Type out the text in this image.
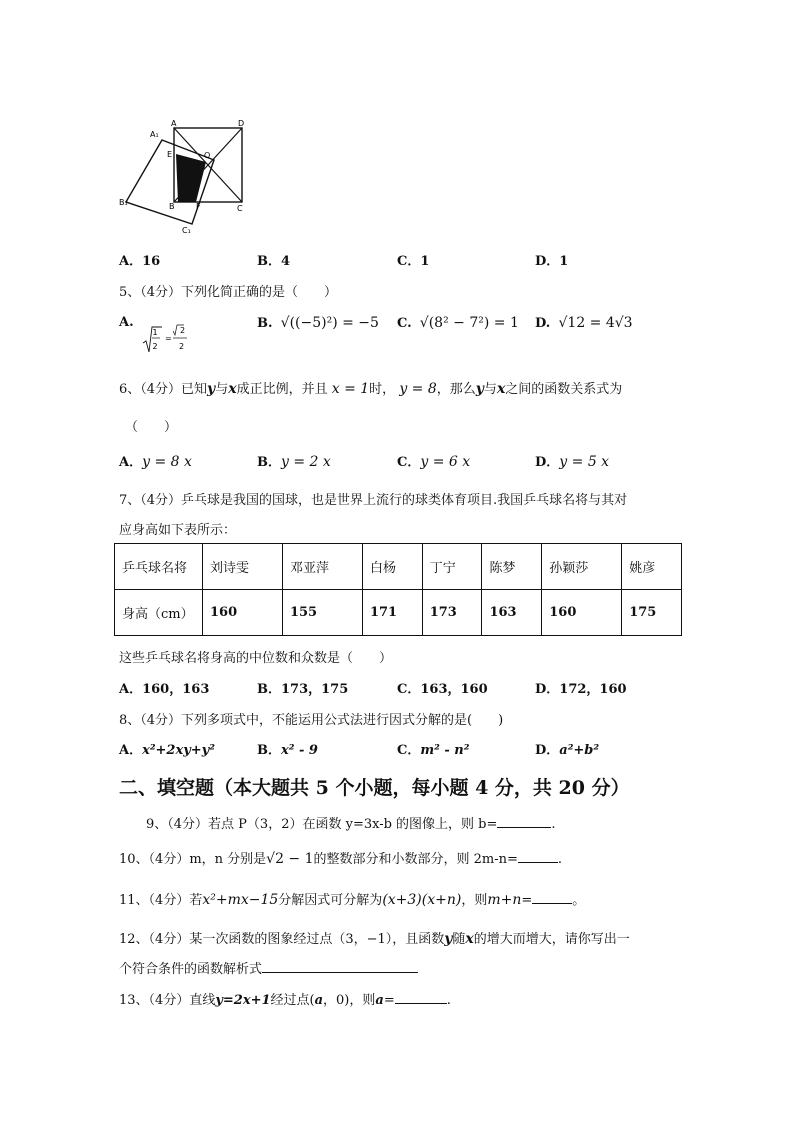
A₁
A	D
E	O
B₁	B	F	C
C₁
A．16	B．4	C．1	D．1
5、（4分）下列化简正确的是（　　）
A.
1
2
=
2
2
B. √((−5)²) = −5 C. √(8² − 7²) = 1 D. √12 = 4√3
6、（4分）已知y与x成正比例，并且 x = 1时， y = 8，那么y与x之间的函数关系式为
（　　）
A．y = 8 x	B．y = 2 x	C．y = 6 x	D．y = 5 x
7、（4分）乒乓球是我国的国球，也是世界上流行的球类体育项目.我国乒乓球名将与其对
应身高如下表所示：
乒乓球名将	刘诗雯	邓亚萍	白杨	丁宁	陈梦	孙颖莎	姚彦
身高（cm）	160	155	171	173	163	160	175
这些乒乓球名将身高的中位数和众数是（　　）
A．160，163	B．173，175	C．163，160	D．172，160
8、（4分）下列多项式中，不能运用公式法进行因式分解的是(　　)
A．x²+2xy+y²	B．x² - 9	C．m² - n²	D．a²+b²
二、填空题（本大题共 5 个小题，每小题 4 分，共 20 分）
9、（4分）若点 P（3，2）在函数 y=3x-b 的图像上，则 b=	.
10、（4分）m，n 分别是√2 − 1的整数部分和小数部分，则 2m-n=	.
11、（4分）若x²+mx−15分解因式可分解为(x+3)(x+n)，则m+n=	。
12、（4分）某一次函数的图象经过点（3，−1），且函数y随x的增大而增大，请你写出一
个符合条件的函数解析式
13、（4分）直线y=2x+1经过点(a，0)，则a=	.
